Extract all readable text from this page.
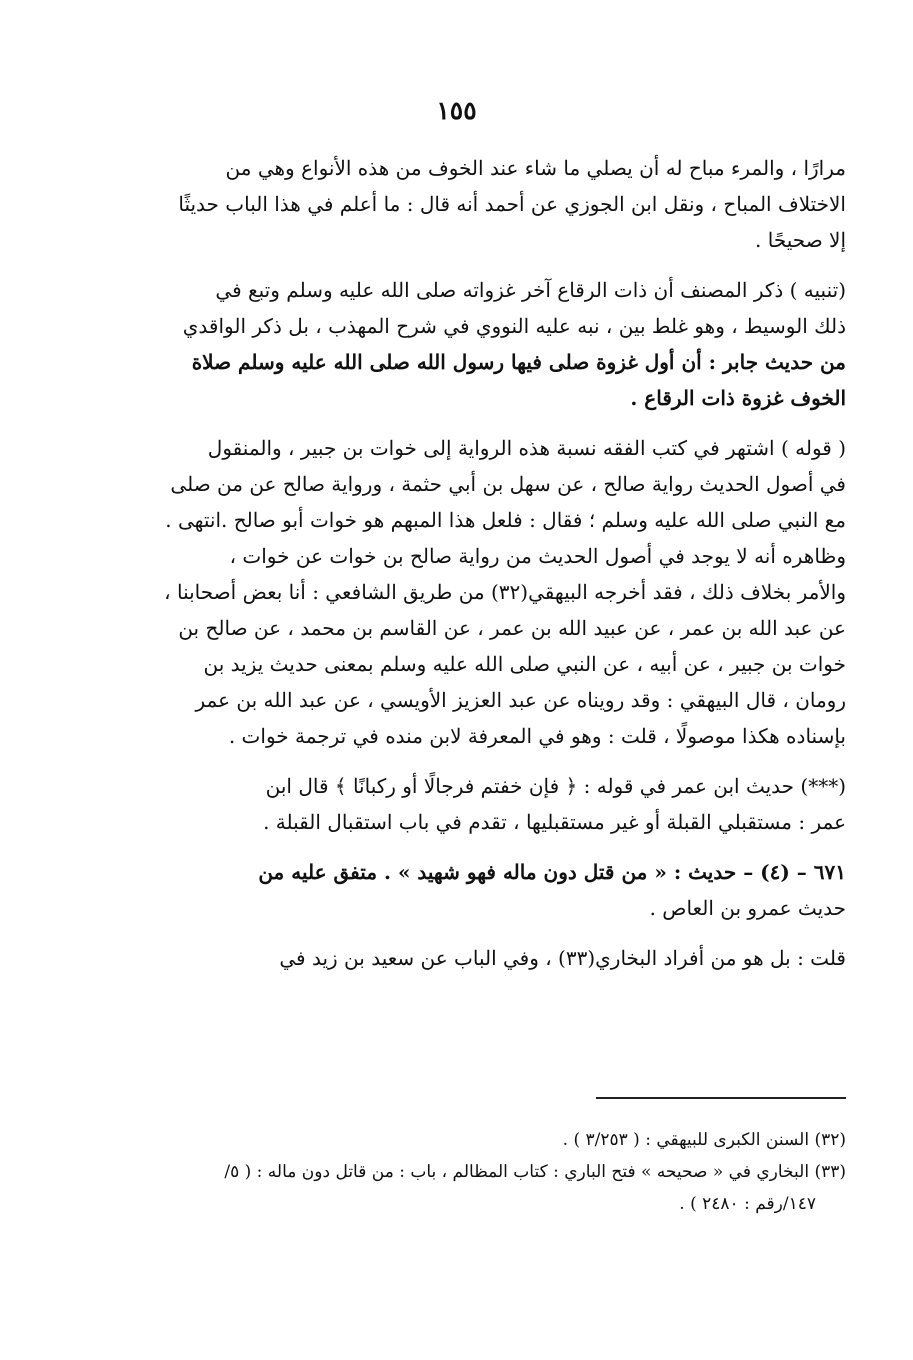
١٥٥
مرارًا ، والمرء مباح له أن يصلي ما شاء عند الخوف من هذه الأنواع وهي من
الاختلاف المباح ، ونقل ابن الجوزي عن أحمد أنه قال : ما أعلم في هذا الباب حديثًا
إلا صحيحًا .
(تنبيه ) ذكر المصنف أن ذات الرقاع آخر غزواته صلى الله عليه وسلم وتبع في
ذلك الوسيط ، وهو غلط بين ، نبه عليه النووي في شرح المهذب ، بل ذكر الواقدي
من حديث جابر : أن أول غزوة صلى فيها رسول الله صلى الله عليه وسلم صلاة
الخوف غزوة ذات الرقاع .
( قوله ) اشتهر في كتب الفقه نسبة هذه الرواية إلى خوات بن جبير ، والمنقول
في أصول الحديث رواية صالح ، عن سهل بن أبي حثمة ، ورواية صالح عن من صلى
مع النبي صلى الله عليه وسلم ؛ فقال : فلعل هذا المبهم هو خوات أبو صالح .انتهى .
وظاهره أنه لا يوجد في أصول الحديث من رواية صالح بن خوات عن خوات ،
والأمر بخلاف ذلك ، فقد أخرجه البيهقي(٣٢) من طريق الشافعي : أنا بعض أصحابنا ،
عن عبد الله بن عمر ، عن عبيد الله بن عمر ، عن القاسم بن محمد ، عن صالح بن
خوات بن جبير ، عن أبيه ، عن النبي صلى الله عليه وسلم بمعنى حديث يزيد بن
رومان ، قال البيهقي : وقد رويناه عن عبد العزيز الأويسي ، عن عبد الله بن عمر
بإسناده هكذا موصولًا ، قلت : وهو في المعرفة لابن منده في ترجمة خوات .
(***) حديث ابن عمر في قوله : ﴿ فإن خفتم فرجالًا أو ركبانًا ﴾ قال ابن
عمر : مستقبلي القبلة أو غير مستقبليها ، تقدم في باب استقبال القبلة .
٦٧١ – (٤) – حديث : « من قتل دون ماله فهو شهيد » . متفق عليه من
حديث عمرو بن العاص .
قلت : بل هو من أفراد البخاري(٣٣) ، وفي الباب عن سعيد بن زيد في
(٣٢) السنن الكبرى للبيهقي : ( ٣/٢٥٣ ) .
(٣٣) البخاري في « صحيحه » فتح الباري : كتاب المظالم ، باب : من قاتل دون ماله : ( ٥/
١٤٧/رقم : ٢٤٨٠ ) .
